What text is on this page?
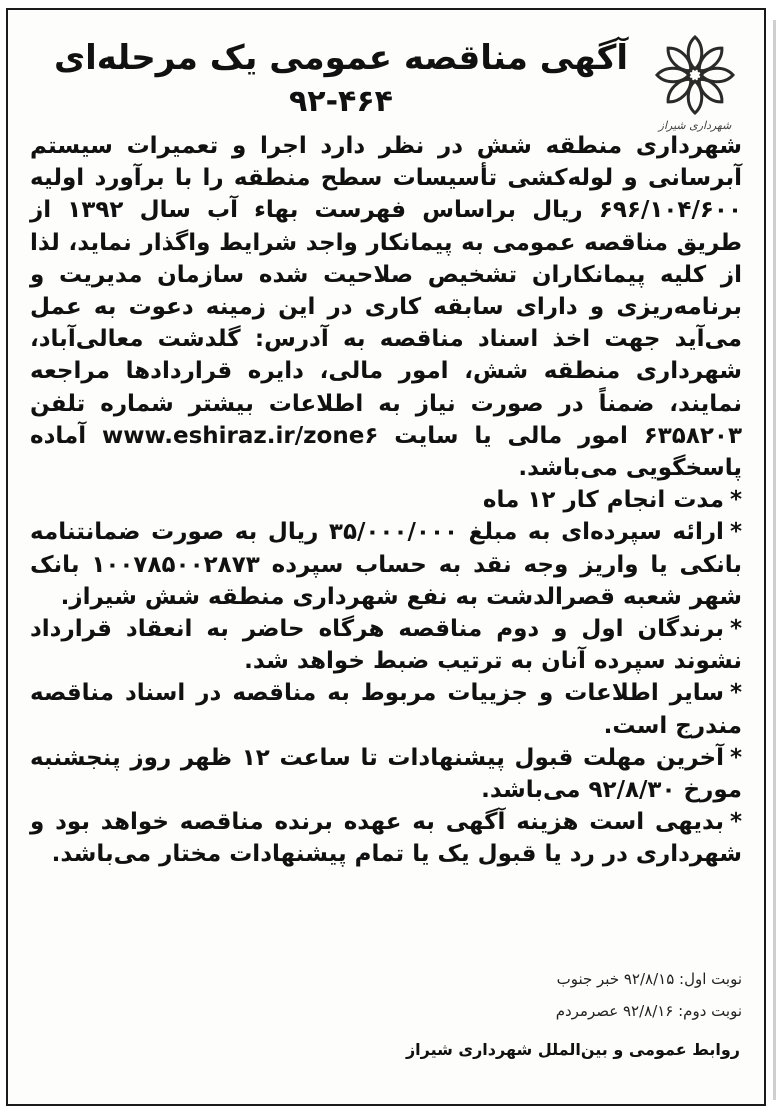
شهرداری شیراز
آگهی مناقصه عمومی یک مرحله‌ای
۹۲-۴۶۴

شهرداری منطقه شش در نظر دارد اجرا و تعمیرات سیستم آبرسانی و لوله‌کشی تأسیسات سطح منطقه را با برآورد اولیه ۶۹۶/۱۰۴/۶۰۰ ریال براساس فهرست بهاء آب سال ۱۳۹۲ از طریق مناقصه عمومی به پیمانکار واجد شرایط واگذار نماید، لذا از کلیه پیمانکاران تشخیص صلاحیت شده سازمان مدیریت و برنامه‌ریزی و دارای سابقه کاری در این زمینه دعوت به عمل می‌آید جهت اخذ اسناد مناقصه به آدرس: گلدشت معالی‌آباد، شهرداری منطقه شش، امور مالی، دایره قراردادها مراجعه نمایند، ضمناً در صورت نیاز به اطلاعات بیشتر شماره تلفن ۶۳۵۸۲۰۳ امور مالی یا سایت www.eshiraz.ir/zone۶ آماده پاسخگویی می‌باشد.

*مدت انجام کار ۱۲ ماه

*ارائه سپرده‌ای به مبلغ ۳۵/۰۰۰/۰۰۰ ریال به صورت ضمانتنامه بانکی یا واریز وجه نقد به حساب سپرده ۱۰۰۷۸۵۰۰۲۸۷۳ بانک شهر شعبه قصرالدشت به نفع شهرداری منطقه شش شیراز.

*برندگان اول و دوم مناقصه هرگاه حاضر به انعقاد قرارداد نشوند سپرده آنان به ترتیب ضبط خواهد شد.

*سایر اطلاعات و جزییات مربوط به مناقصه در اسناد مناقصه مندرج است.

*آخرین مهلت قبول پیشنهادات تا ساعت ۱۲ ظهر روز پنجشنبه مورخ ۹۲/۸/۳۰ می‌باشد.

*بدیهی است هزینه آگهی به عهده برنده مناقصه خواهد بود و شهرداری در رد یا قبول یک یا تمام پیشنهادات مختار می‌باشد.

نوبت اول: ۹۲/۸/۱۵ خبر جنوب
نوبت دوم: ۹۲/۸/۱۶ عصرمردم
روابط عمومی و بین‌الملل شهرداری شیراز
